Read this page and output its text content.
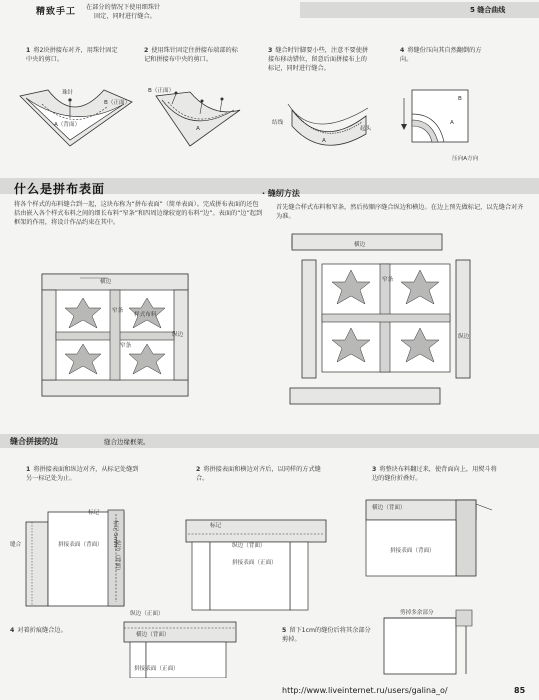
精致手工 在部分的情况下使用细珠针
固定，同时进行缝合。
5 缝合曲线
1 将2块拼接布对齐，用珠针固定中央的剪口。
2 使用珠针固定住拼接布端部的标记和拼接布中央的剪口。
3 缝合时针脚要小些，注意不要使拼接布移动错位，留意后面拼接布上的标记，同时进行缝合。
4 将缝份压向其自然翻倒的方向。
珠针
B（正面）
A（背面）
B（正面）
A
结线
起头
A
B
A
压向A方向
什么是拼布表面
将各个样式的布料缝合到一起，这块布称为“拼布表面”（简单表面）。完成拼布表面的还包括由嵌入各个样式布料之间的细长布料“窄条”和四周边缘较宽的布料“边”。表面的“边”起到框架的作用，将设计作品约束在其中。
横边
窄条
样式布料
窄条
纵边
· 缝纫方法
首先缝合样式布料和窄条，然后按顺序缝合纵边和横边。在边上预先做标记，以先缝合对齐为准。
横边
窄条
纵边
缝合拼接的边	缝合边缘框架。
1 将拼接表面和纵边对齐，从标记处缝到另一标记处为止。
2 将拼接表面和横边对齐后，以同样的方式缝合。
3 将整块布料翻过来，使背面向上，用熨斗将边的缝份折叠好。
标记
标记 5mm
缝合	拼接表面（背面） 纵边（背面）
标记
纵边（背面）
拼接表面（正面）
横边（背面）
拼接表面（背面）
4 对着折痕缝合边。
纵边（正面）
横边（背面）
拼接表面（正面）
5 留下1cm的缝份后将其余部分剪掉。
剪掉多余部分
http://www.liveinternet.ru/users/galina_o/	85
